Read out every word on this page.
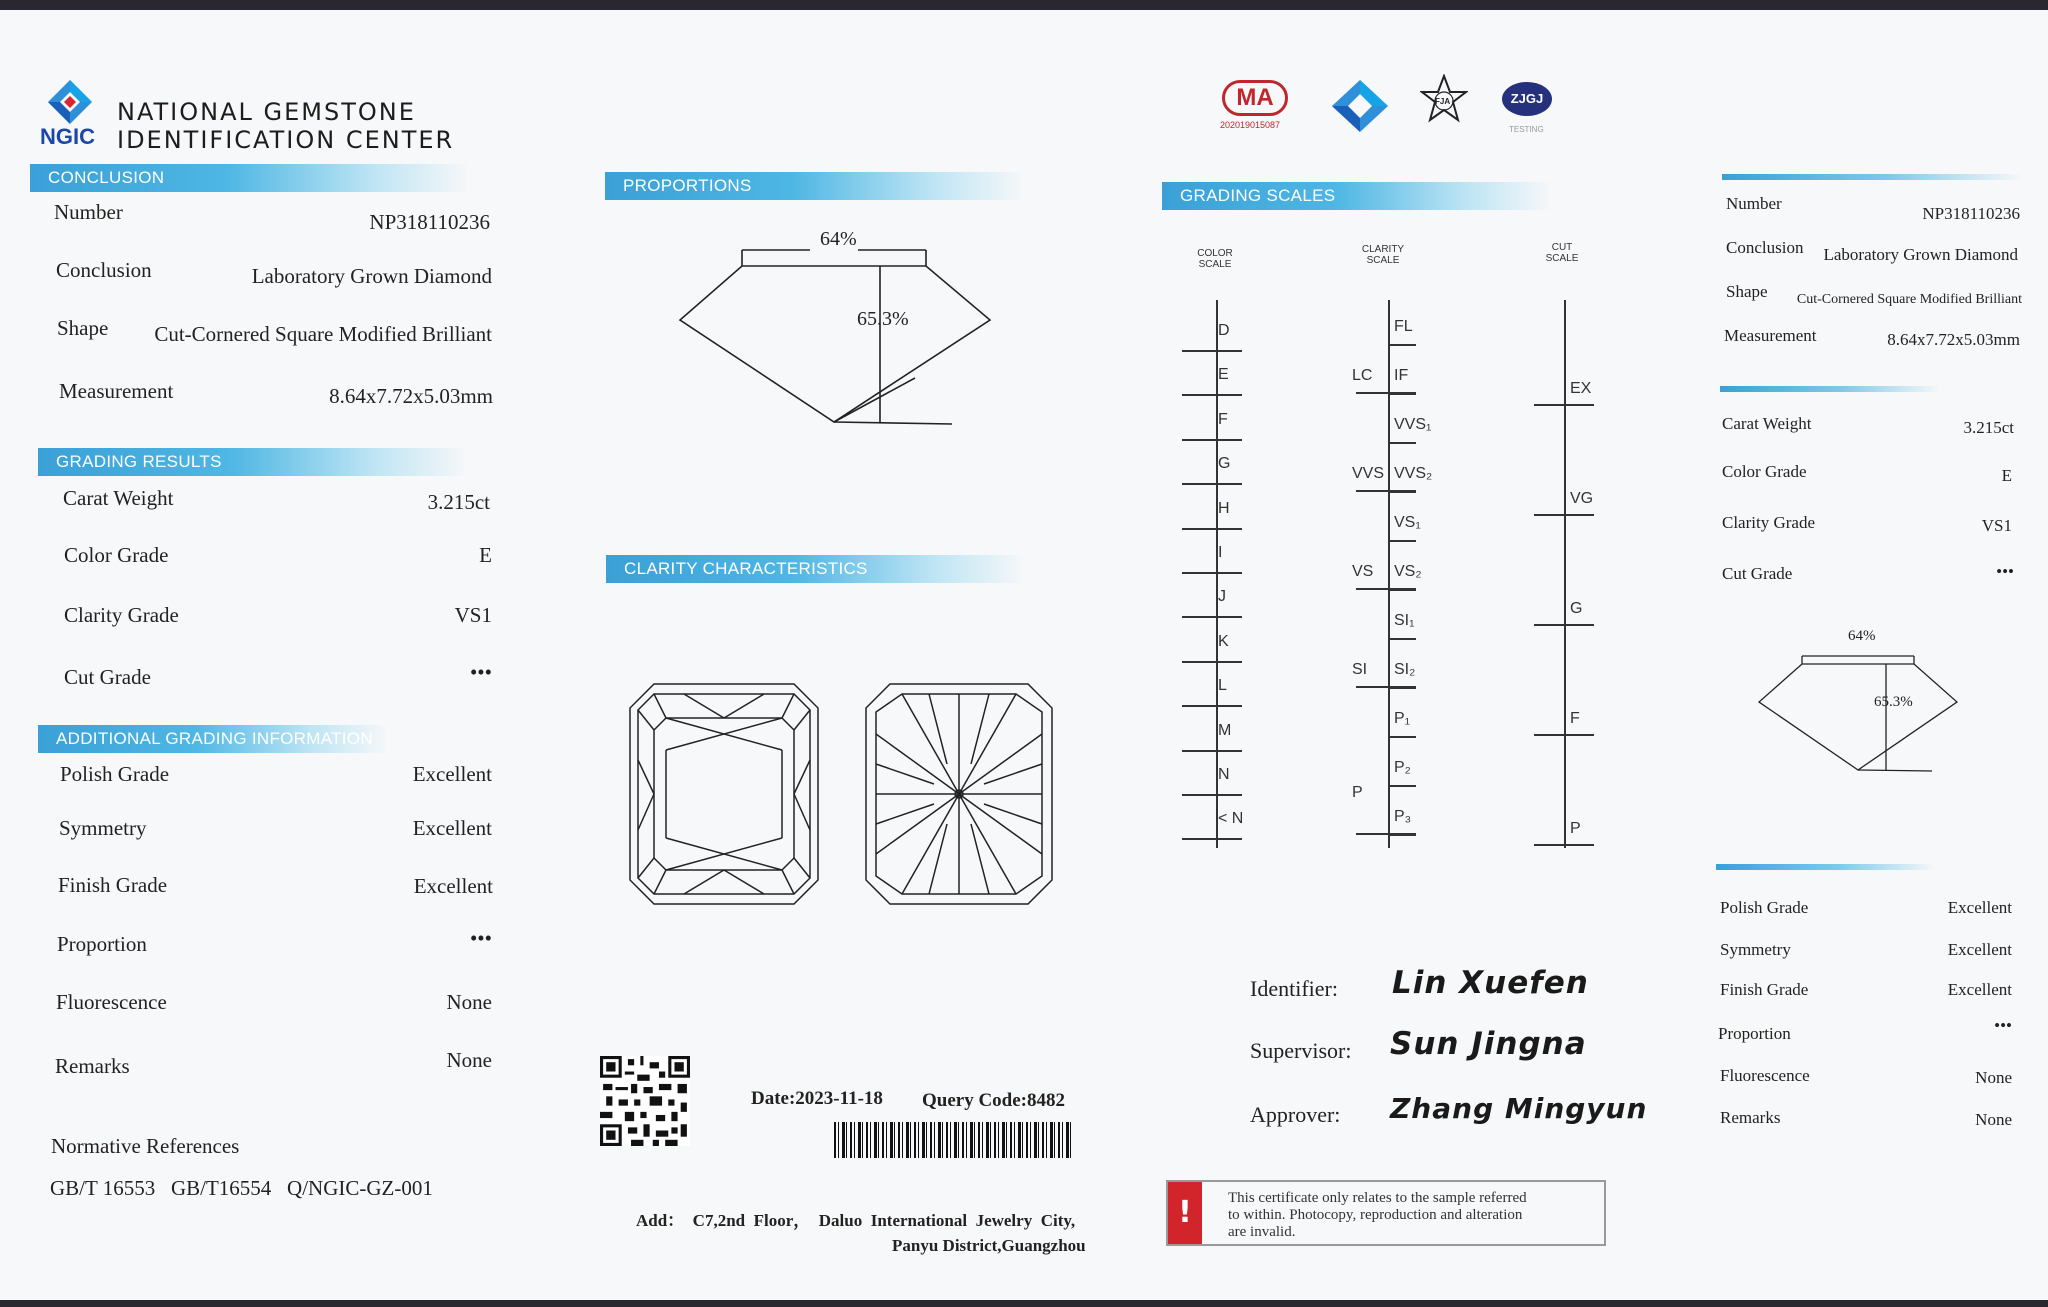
NGIC
NATIONAL GEMSTONE
IDENTIFICATION CENTER
CONCLUSION
Number	NP318110236
Conclusion	Laboratory Grown Diamond
Shape Cut-Cornered Square Modified Brilliant
Measurement	8.64x7.72x5.03mm
GRADING RESULTS
Carat Weight	3.215ct
Color Grade	E
Clarity Grade	VS1
Cut Grade	•••
ADDITIONAL GRADING INFORMATION
Polish Grade	Excellent
Symmetry	Excellent
Finish Grade	Excellent
Proportion	•••
Fluorescence	None
Remarks	None
Normative References
GB/T 16553   GB/T16554   Q/NGIC-GZ-001
PROPORTIONS
64%
65.3%
CLARITY CHARACTERISTICS
Date:2023-11-18 Query Code:8482
Add：  C7,2nd  Floor，  Daluo  International  Jewelry  City,
Panyu District,Guangzhou
MA
202019015087
FJA	ZJGJ
TESTING
GRADING SCALES
COLOR
SCALE
CLARITY
SCALE
CUT
SCALE
Identifier: Lin Xuefen
Supervisor: Sun Jingna
Approver: Zhang Mingyun
!	This certificate only relates to the sample referred
to within. Photocopy, reproduction and alteration
are invalid.
Number
NP318110236
Conclusion Laboratory Grown Diamond
Shape Cut-Cornered Square Modified Brilliant
Measurement	8.64x7.72x5.03mm
Carat Weight	3.215ct
Color Grade	E
Clarity Grade	VS1
Cut Grade	•••
64%
65.3%
Polish Grade	Excellent
Symmetry	Excellent
Finish Grade	Excellent
Proportion	•••
Fluorescence	None
Remarks	None
D
E
F
G
H
I
J
K
L
M
N
< N
FL
IF
VVS₁
VVS₂
VS₁
VS₂
SI₁
SI₂
P₁
P₂
P₃
LC
VVS
VS
SI
P
EX
VG
G
F
P
